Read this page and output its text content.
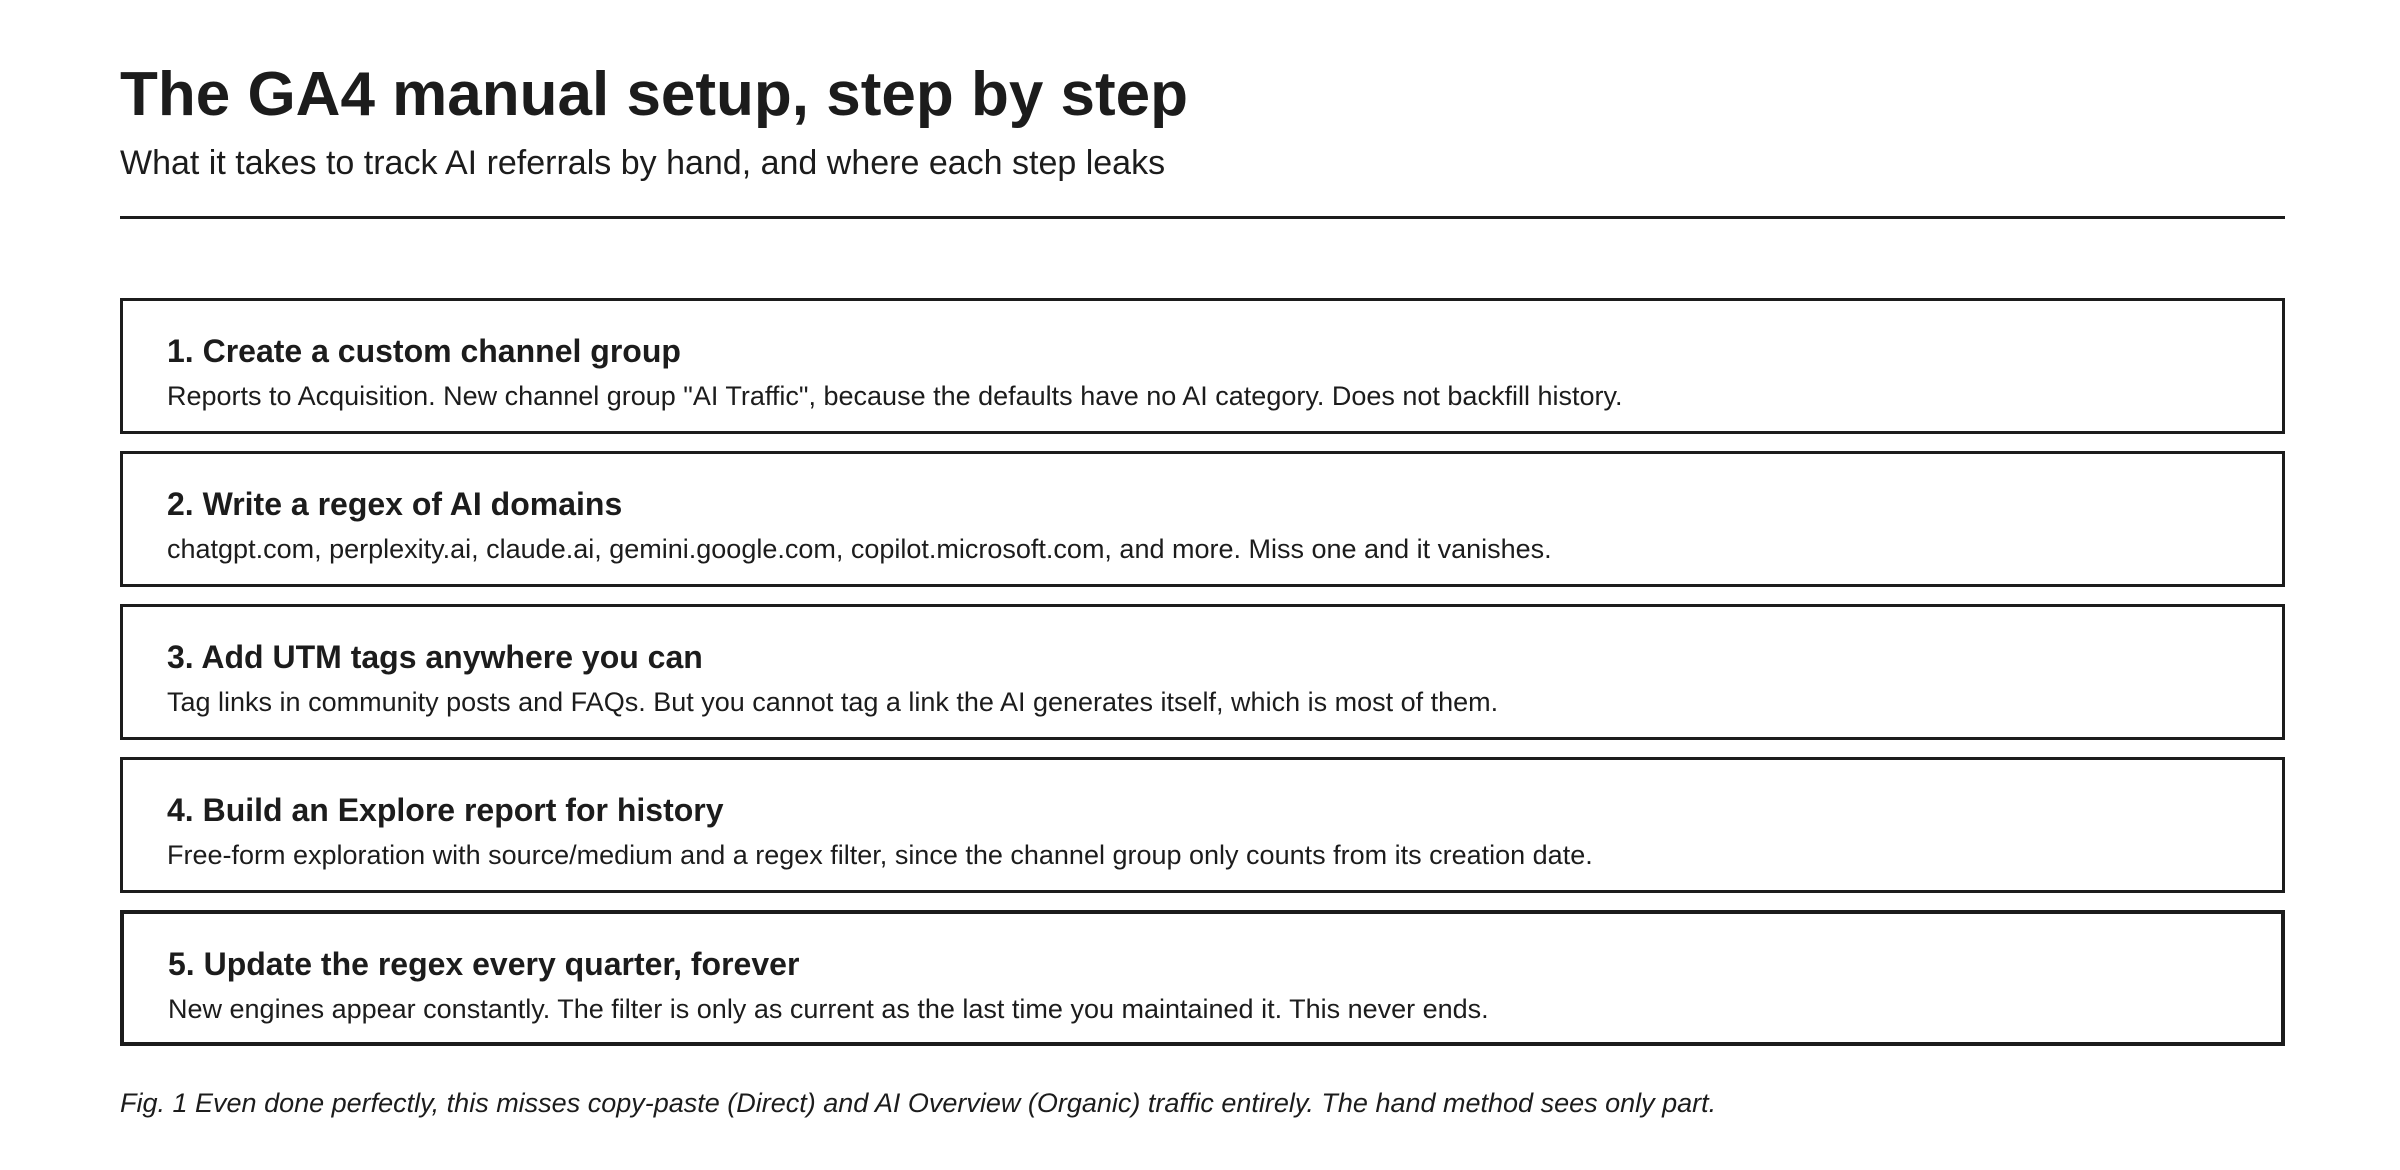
The GA4 manual setup, step by step

What it takes to track AI referrals by hand, and where each step leaks

1. Create a custom channel group

Reports to Acquisition. New channel group "AI Traffic", because the defaults have no AI category. Does not backfill history.

2. Write a regex of AI domains

chatgpt.com, perplexity.ai, claude.ai, gemini.google.com, copilot.microsoft.com, and more. Miss one and it vanishes.

3. Add UTM tags anywhere you can

Tag links in community posts and FAQs. But you cannot tag a link the AI generates itself, which is most of them.

4. Build an Explore report for history

Free-form exploration with source/medium and a regex filter, since the channel group only counts from its creation date.

5. Update the regex every quarter, forever

New engines appear constantly. The filter is only as current as the last time you maintained it. This never ends.

Fig. 1 Even done perfectly, this misses copy-paste (Direct) and AI Overview (Organic) traffic entirely. The hand method sees only part.
